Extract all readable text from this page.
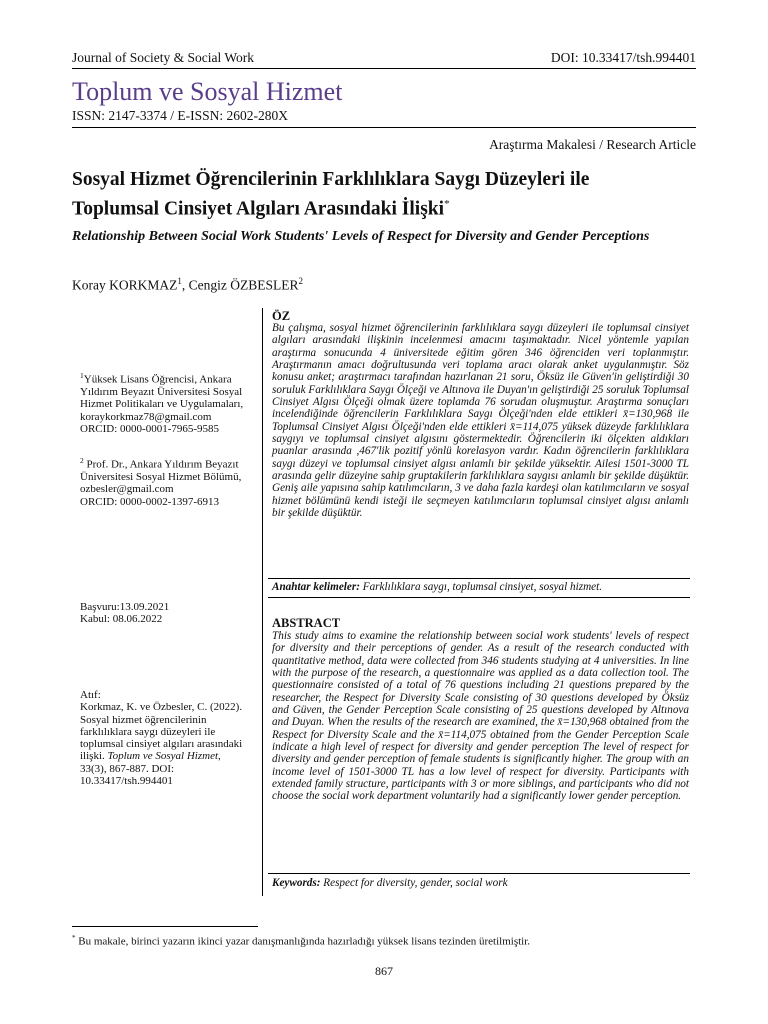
Journal of Society & Social Work	DOI: 10.33417/tsh.994401
Toplum ve Sosyal Hizmet
ISSN: 2147-3374 / E-ISSN: 2602-280X
Araştırma Makalesi / Research Article
Sosyal Hizmet Öğrencilerinin Farklılıklara Saygı Düzeyleri ile
Toplumsal Cinsiyet Algıları Arasındaki İlişki*
Relationship Between Social Work Students' Levels of Respect for Diversity and Gender Perceptions
Koray KORKMAZ$^1$, Cengiz ÖZBESLER$^2$
$^1$Yüksek Lisans Öğrencisi, Ankara
Yıldırım Beyazıt Üniversitesi Sosyal
Hizmet Politikaları ve Uygulamaları,
koraykorkmaz78@gmail.com
ORCID: 0000-0001-7965-9585
$^2$ Prof. Dr., Ankara Yıldırım Beyazıt
Üniversitesi Sosyal Hizmet Bölümü,
ozbesler@gmail.com
ORCID: 0000-0002-1397-6913
Başvuru:13.09.2021
Kabul: 08.06.2022
Atıf:
Korkmaz, K. ve Özbesler, C. (2022).
Sosyal hizmet öğrencilerinin
farklılıklara saygı düzeyleri ile
toplumsal cinsiyet algıları arasındaki
ilişki. Toplum ve Sosyal Hizmet,
33(3), 867-887. DOI:
10.33417/tsh.994401
ÖZ
Bu çalışma, sosyal hizmet öğrencilerinin farklılıklara saygı düzeyleri ile toplumsal cinsiyet algıları arasındaki ilişkinin incelenmesi amacını taşımaktadır. Nicel yöntemle yapılan araştırma sonucunda 4 üniversitede eğitim gören 346 öğrenciden veri toplanmıştır. Araştırmanın amacı doğrultusunda veri toplama aracı olarak anket uygulanmıştır. Söz konusu anket; araştırmacı tarafından hazırlanan 21 soru, Öksüz ile Güven'in geliştirdiği 30 soruluk Farklılıklara Saygı Ölçeği ve Altınova ile Duyan'ın geliştirdiği 25 soruluk Toplumsal Cinsiyet Algısı Ölçeği olmak üzere toplamda 76 sorudan oluşmuştur. Araştırma sonuçları incelendiğinde öğrencilerin Farklılıklara Saygı Ölçeği'nden elde ettikleri x̄=130,968 ile Toplumsal Cinsiyet Algısı Ölçeği'nden elde ettikleri x̄=114,075 yüksek düzeyde farklılıklara saygıyı ve toplumsal cinsiyet algısını göstermektedir. Öğrencilerin iki ölçekten aldıkları puanlar arasında ,467'lik pozitif yönlü korelasyon vardır. Kadın öğrencilerin farklılıklara saygı düzeyi ve toplumsal cinsiyet algısı anlamlı bir şekilde yüksektir. Ailesi 1501-3000 TL arasında gelir düzeyine sahip gruptakilerin farklılıklara saygısı anlamlı bir şekilde düşüktür. Geniş aile yapısına sahip katılımcıların, 3 ve daha fazla kardeşi olan katılımcıların ve sosyal hizmet bölümünü kendi isteği ile seçmeyen katılımcıların toplumsal cinsiyet algısı anlamlı bir şekilde düşüktür.
Anahtar kelimeler: Farklılıklara saygı, toplumsal cinsiyet, sosyal hizmet.
ABSTRACT
This study aims to examine the relationship between social work students' levels of respect for diversity and their perceptions of gender. As a result of the research conducted with quantitative method, data were collected from 346 students studying at 4 universities. In line with the purpose of the research, a questionnaire was applied as a data collection tool. The questionnaire consisted of a total of 76 questions including 21 questions prepared by the researcher, the Respect for Diversity Scale consisting of 30 questions developed by Öksüz and Güven, the Gender Perception Scale consisting of 25 questions developed by Altınova and Duyan. When the results of the research are examined, the x̄=130,968 obtained from the Respect for Diversity Scale and the x̄=114,075 obtained from the Gender Perception Scale indicate a high level of respect for diversity and gender perception The level of respect for diversity and gender perception of female students is significantly higher. The group with an income level of 1501-3000 TL has a low level of respect for diversity. Participants with extended family structure, participants with 3 or more siblings, and participants who did not choose the social work department voluntarily had a significantly lower gender perception.
Keywords: Respect for diversity, gender, social work
* Bu makale, birinci yazarın ikinci yazar danışmanlığında hazırladığı yüksek lisans tezinden üretilmiştir.
867
